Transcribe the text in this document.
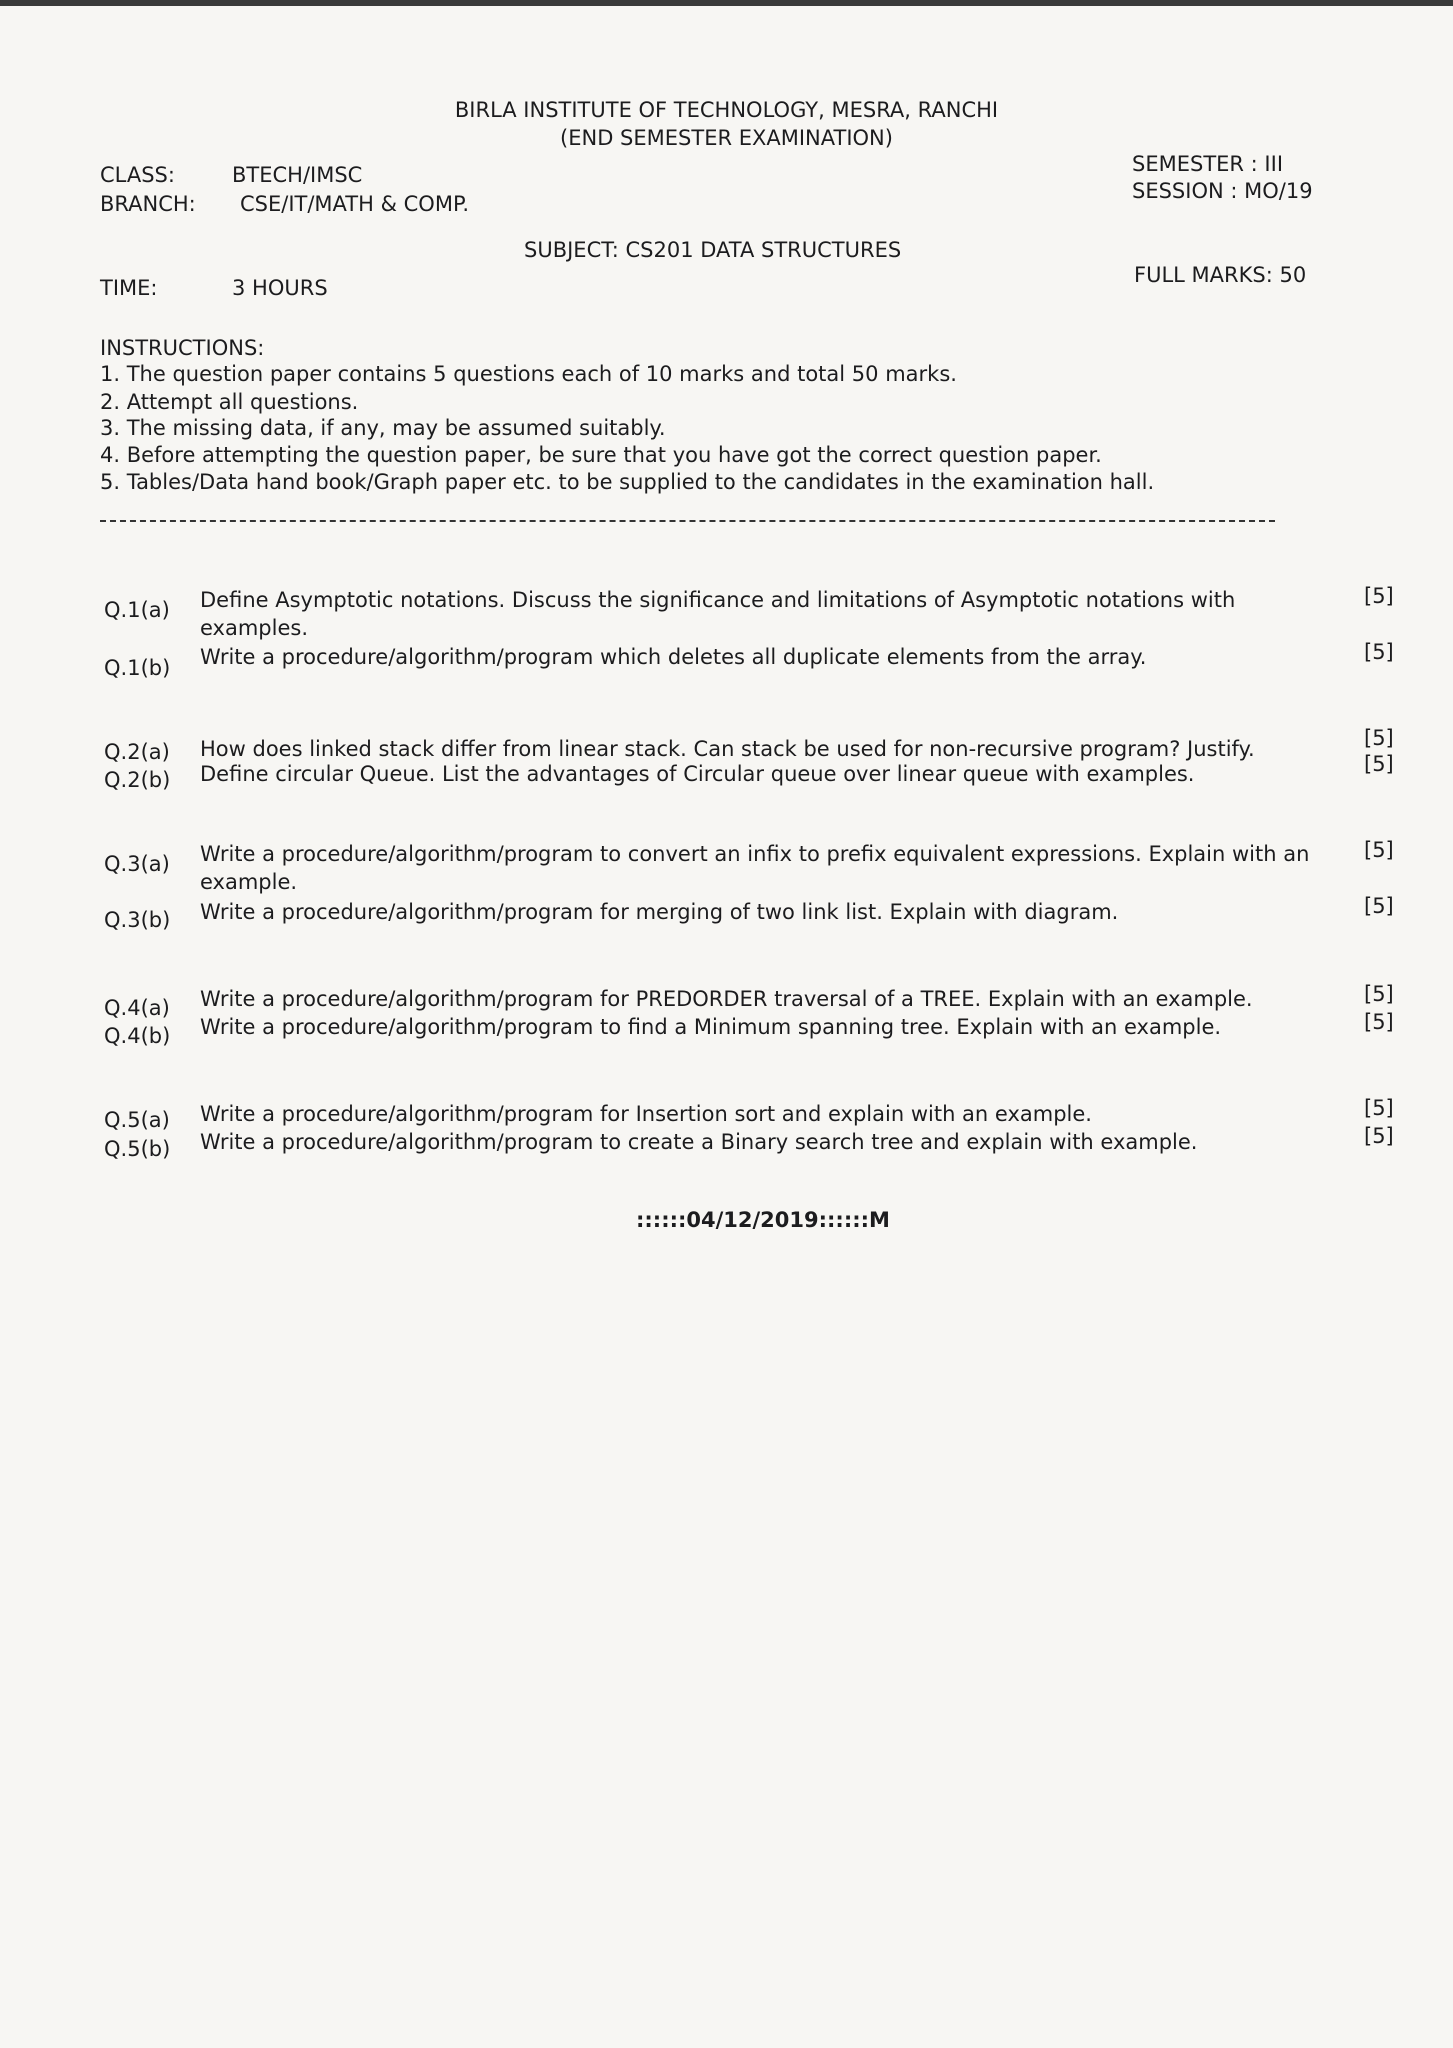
BIRLA INSTITUTE OF TECHNOLOGY, MESRA, RANCHI
(END SEMESTER EXAMINATION)
CLASS:	BTECH/IMSC
BRANCH: CSE/IT/MATH & COMP.
SEMESTER : III
SESSION : MO/19
SUBJECT: CS201 DATA STRUCTURES
FULL MARKS: 50
TIME:	3 HOURS
INSTRUCTIONS:
1. The question paper contains 5 questions each of 10 marks and total 50 marks.
2. Attempt all questions.
3. The missing data, if any, may be assumed suitably.
4. Before attempting the question paper, be sure that you have got the correct question paper.
5. Tables/Data hand book/Graph paper etc. to be supplied to the candidates in the examination hall.
Q.1(a) Define Asymptotic notations. Discuss the significance and limitations of Asymptotic notations with examples.
[5]
Q.1(b) Write a procedure/algorithm/program which deletes all duplicate elements from the array.	[5]
Q.2(a) How does linked stack differ from linear stack. Can stack be used for non-recursive program? Justify.	[5]
Q.2(b) Define circular Queue. List the advantages of Circular queue over linear queue with examples.	[5]
Q.3(a) Write a procedure/algorithm/program to convert an infix to prefix equivalent expressions. Explain with an example.
[5]
Q.3(b) Write a procedure/algorithm/program for merging of two link list. Explain with diagram.	[5]
Q.4(a) Write a procedure/algorithm/program for PREDORDER traversal of a TREE. Explain with an example.	[5]
Q.4(b) Write a procedure/algorithm/program to find a Minimum spanning tree. Explain with an example.	[5]
Q.5(a) Write a procedure/algorithm/program for Insertion sort and explain with an example.	[5]
Q.5(b) Write a procedure/algorithm/program to create a Binary search tree and explain with example.	[5]
::::::04/12/2019::::::M
